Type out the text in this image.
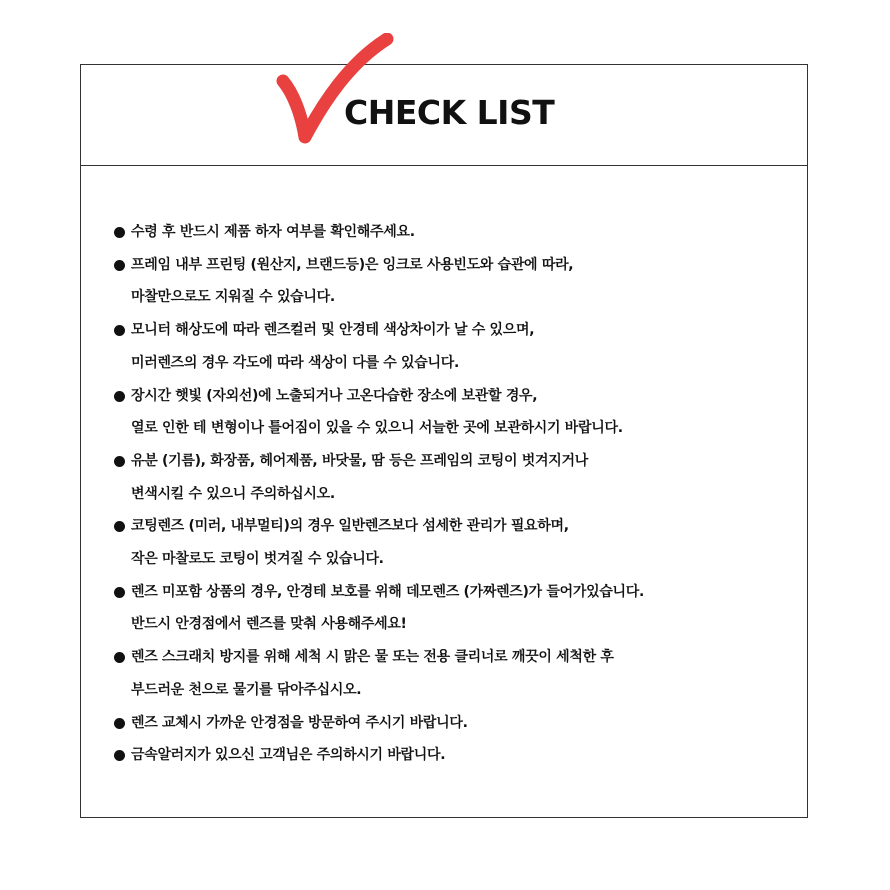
CHECK LIST
수령 후 반드시 제품 하자 여부를 확인해주세요.
프레임 내부 프린팅 (원산지, 브랜드등)은 잉크로 사용빈도와 습관에 따라,
마찰만으로도 지워질 수 있습니다.
모니터 해상도에 따라 렌즈컬러 및 안경테 색상차이가 날 수 있으며,
미러렌즈의 경우 각도에 따라 색상이 다를 수 있습니다.
장시간 햇빛 (자외선)에 노출되거나 고온다습한 장소에 보관할 경우,
열로 인한 테 변형이나 틀어짐이 있을 수 있으니 서늘한 곳에 보관하시기 바랍니다.
유분 (기름), 화장품, 헤어제품, 바닷물, 땀 등은 프레임의 코팅이 벗겨지거나
변색시킬 수 있으니 주의하십시오.
코팅렌즈 (미러, 내부멀티)의 경우 일반렌즈보다 섬세한 관리가 필요하며,
작은 마찰로도 코팅이 벗겨질 수 있습니다.
렌즈 미포함 상품의 경우, 안경테 보호를 위해 데모렌즈 (가짜렌즈)가 들어가있습니다.
반드시 안경점에서 렌즈를 맞춰 사용해주세요!
렌즈 스크래치 방지를 위해 세척 시 맑은 물 또는 전용 클리너로 깨끗이 세척한 후
부드러운 천으로 물기를 닦아주십시오.
렌즈 교체시 가까운 안경점을 방문하여 주시기 바랍니다.
금속알러지가 있으신 고객님은 주의하시기 바랍니다.
